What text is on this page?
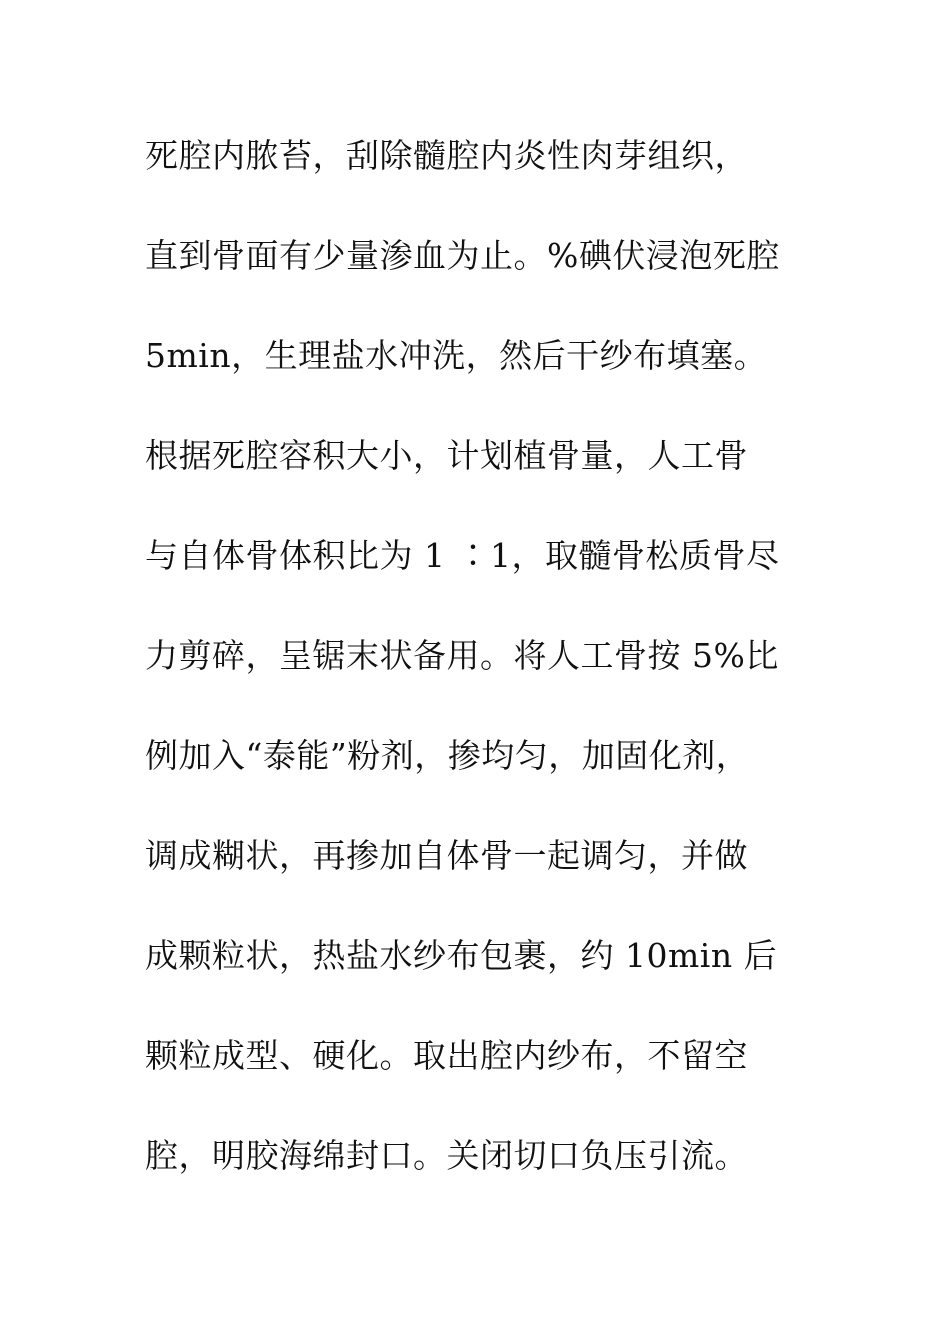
死腔内脓苔，刮除髓腔内炎性肉芽组织，
直到骨面有少量渗血为止。%碘伏浸泡死腔
5min，生理盐水冲洗，然后干纱布填塞。
根据死腔容积大小，计划植骨量，人工骨
与自体骨体积比为 1 ∶1，取髓骨松质骨尽
力剪碎，呈锯末状备用。将人工骨按 5%比
例加入“泰能”粉剂，掺均匀，加固化剂，
调成糊状，再掺加自体骨一起调匀，并做
成颗粒状，热盐水纱布包裹，约 10min 后
颗粒成型、硬化。取出腔内纱布，不留空
腔，明胶海绵封口。关闭切口负压引流。
